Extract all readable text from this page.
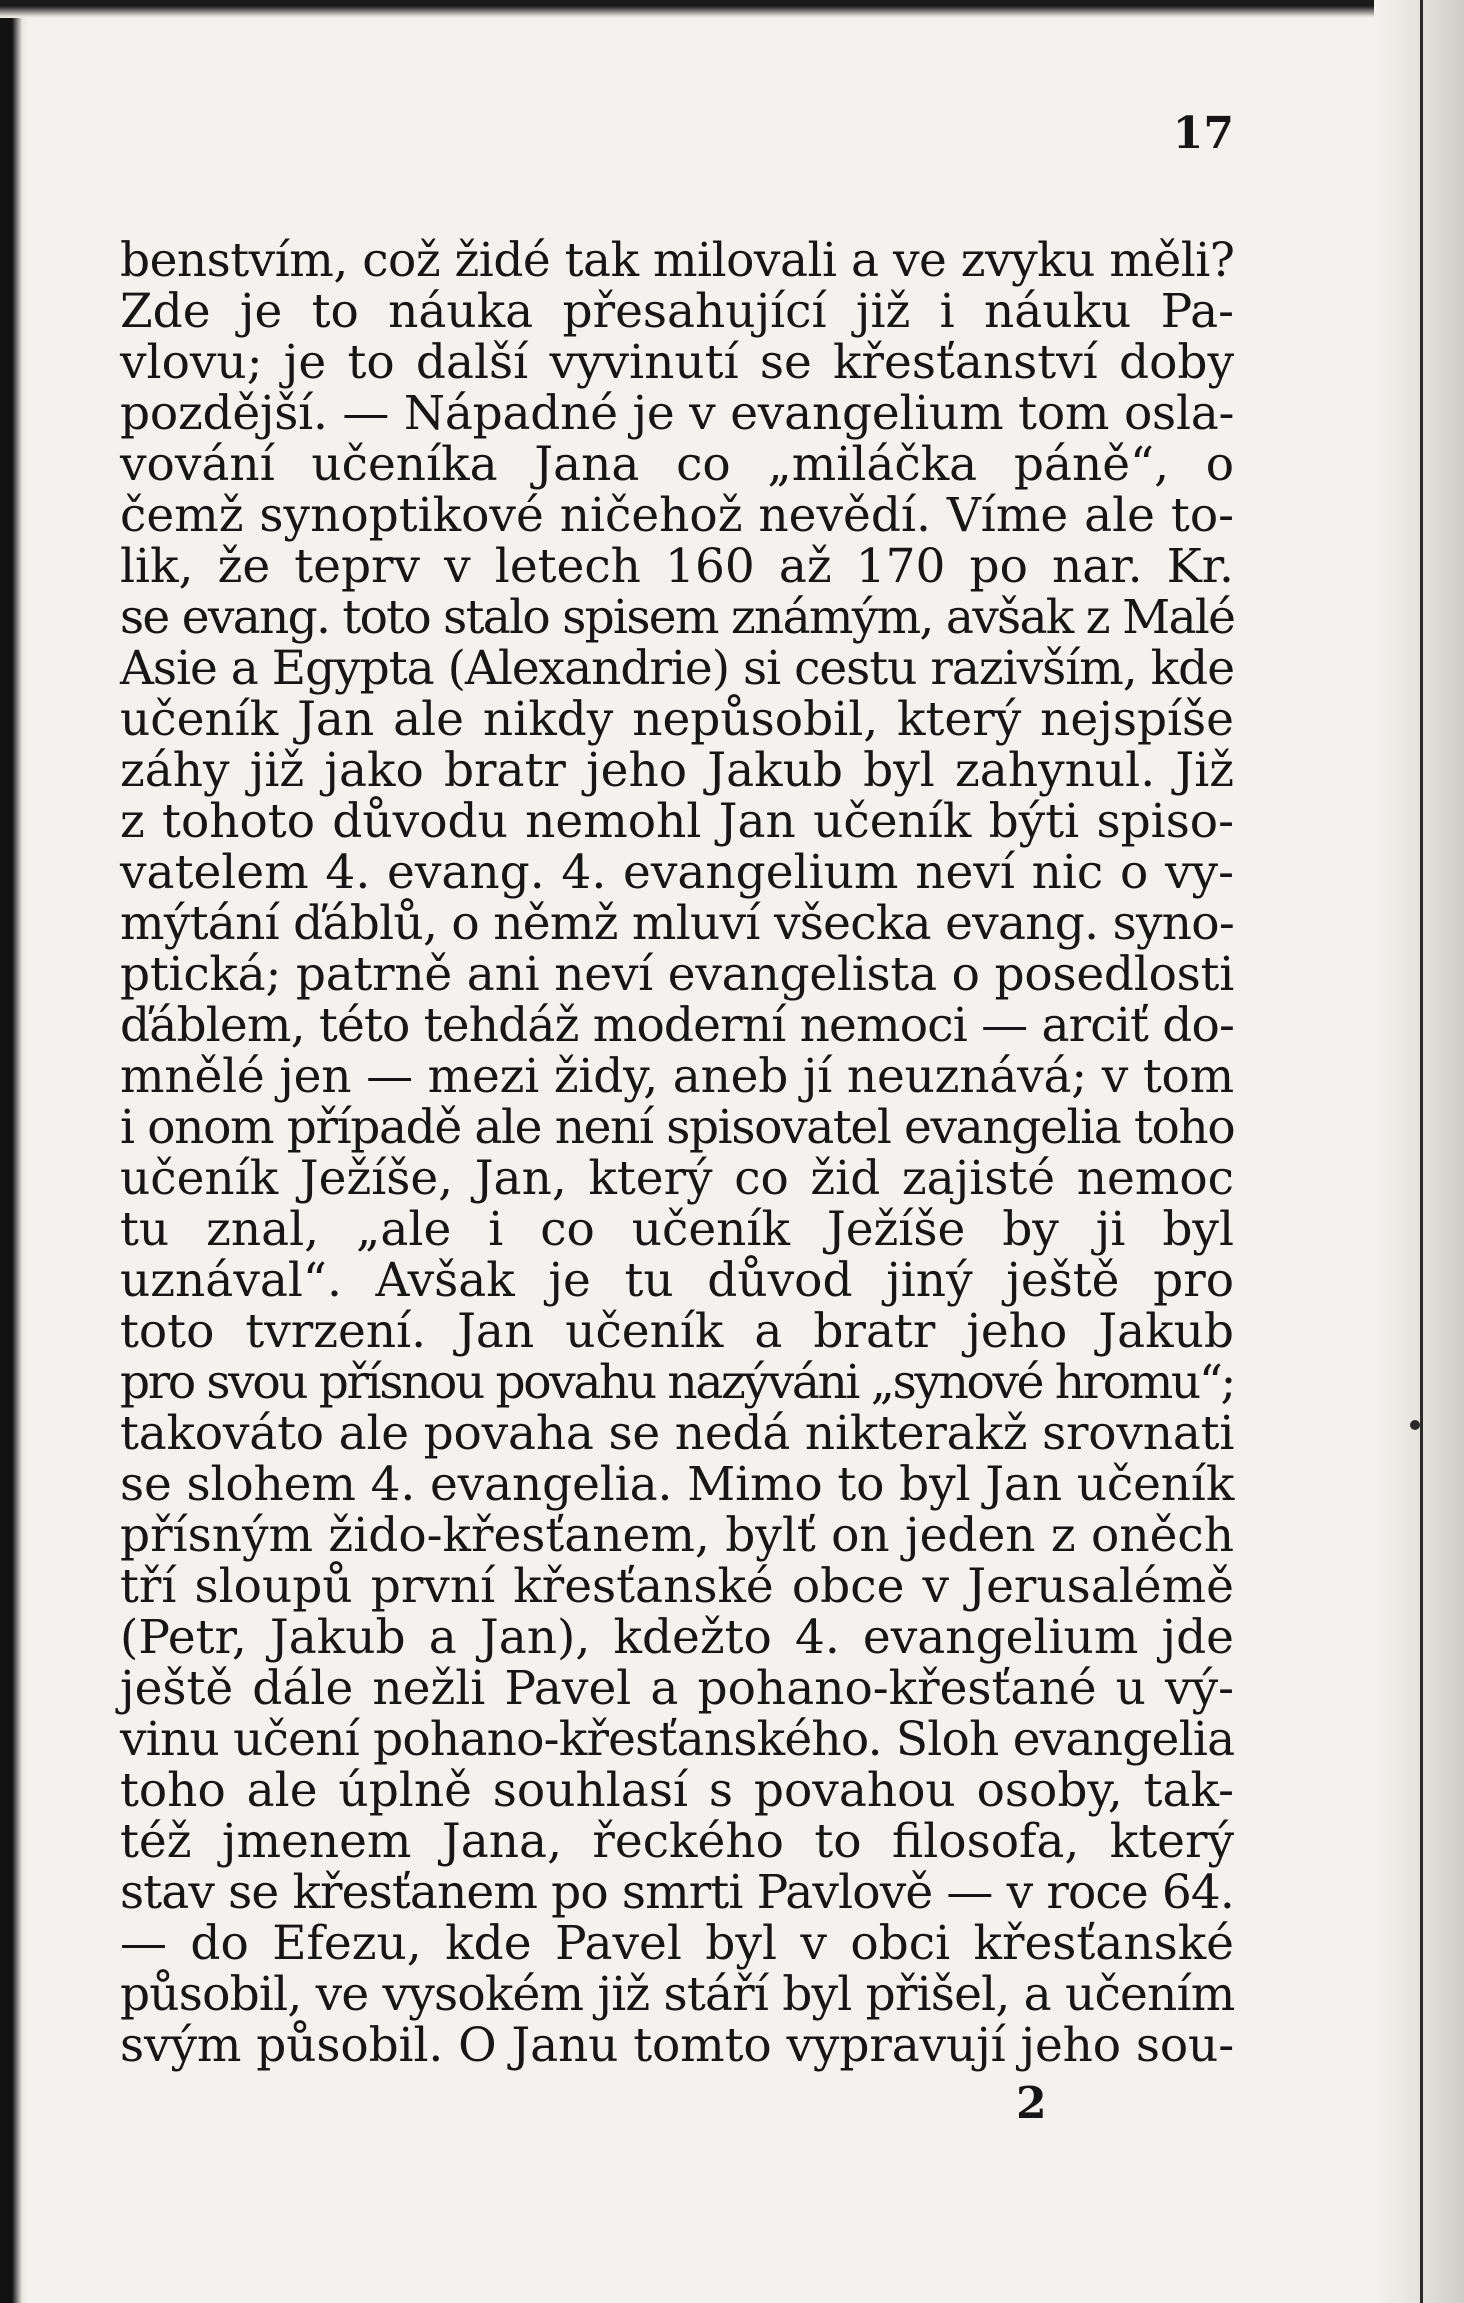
17
benstvím, což židé tak milovali a ve zvyku měli?
Zde je to náuka přesahující již i náuku Pa-
vlovu; je to další vyvinutí se křesťanství doby
pozdější. — Nápadné je v evangelium tom osla-
vování učeníka Jana co „miláčka páně“, o
čemž synoptikové ničehož nevědí. Víme ale to-
lik, že teprv v letech 160 až 170 po nar. Kr.
se evang. toto stalo spisem známým, avšak z Malé
Asie a Egypta (Alexandrie) si cestu razivším, kde
učeník Jan ale nikdy nepůsobil, který nejspíše
záhy již jako bratr jeho Jakub byl zahynul. Již
z tohoto důvodu nemohl Jan učeník býti spiso-
vatelem 4. evang. 4. evangelium neví nic o vy-
mýtání ďáblů, o němž mluví všecka evang. syno-
ptická; patrně ani neví evangelista o posedlosti
ďáblem, této tehdáž moderní nemoci — arciť do-
mnělé jen — mezi židy, aneb jí neuznává; v tom
i onom případě ale není spisovatel evangelia toho
učeník Ježíše, Jan, který co žid zajisté nemoc
tu znal, „ale i co učeník Ježíše by ji byl
uznával“. Avšak je tu důvod jiný ještě pro
toto tvrzení. Jan učeník a bratr jeho Jakub
pro svou přísnou povahu nazýváni „synové hromu“;
takováto ale povaha se nedá nikterakž srovnati
se slohem 4. evangelia. Mimo to byl Jan učeník
přísným žido-křesťanem, bylť on jeden z oněch
tří sloupů první křesťanské obce v Jerusalémě
(Petr, Jakub a Jan), kdežto 4. evangelium jde
ještě dále nežli Pavel a pohano-křesťané u vý-
vinu učení pohano-křesťanského. Sloh evangelia
toho ale úplně souhlasí s povahou osoby, tak-
též jmenem Jana, řeckého to filosofa, který
stav se křesťanem po smrti Pavlově — v roce 64.
— do Efezu, kde Pavel byl v obci křesťanské
působil, ve vysokém již stáří byl přišel, a učením
svým působil. O Janu tomto vypravují jeho sou-
2
